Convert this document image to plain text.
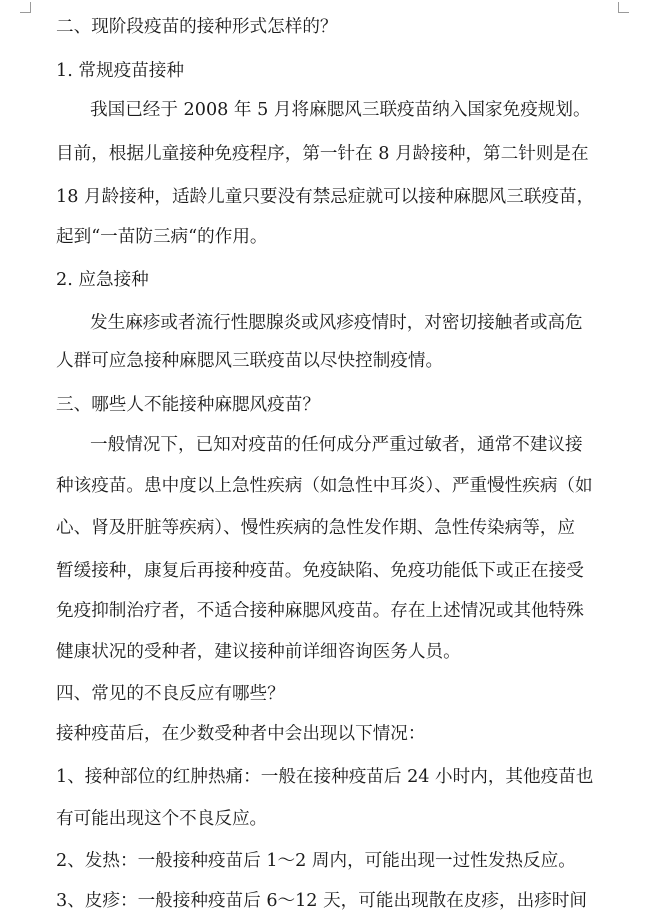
二、现阶段疫苗的接种形式怎样的？
1. 常规疫苗接种
我国已经于 2008 年 5 月将麻腮风三联疫苗纳入国家免疫规划。
目前，根据儿童接种免疫程序，第一针在 8 月龄接种，第二针则是在
18 月龄接种，适龄儿童只要没有禁忌症就可以接种麻腮风三联疫苗，
起到“一苗防三病“的作用。
2. 应急接种
发生麻疹或者流行性腮腺炎或风疹疫情时，对密切接触者或高危
人群可应急接种麻腮风三联疫苗以尽快控制疫情。
三、哪些人不能接种麻腮风疫苗？
一般情况下，已知对疫苗的任何成分严重过敏者，通常不建议接
种该疫苗。患中度以上急性疾病（如急性中耳炎）、严重慢性疾病（如
心、肾及肝脏等疾病）、慢性疾病的急性发作期、急性传染病等，应
暂缓接种，康复后再接种疫苗。免疫缺陷、免疫功能低下或正在接受
免疫抑制治疗者，不适合接种麻腮风疫苗。存在上述情况或其他特殊
健康状况的受种者，建议接种前详细咨询医务人员。
四、常见的不良反应有哪些？
接种疫苗后，在少数受种者中会出现以下情况：
1、接种部位的红肿热痛：一般在接种疫苗后 24 小时内，其他疫苗也
有可能出现这个不良反应。
2、发热：一般接种疫苗后 1～2 周内，可能出现一过性发热反应。
3、皮疹：一般接种疫苗后 6～12 天，可能出现散在皮疹，出疹时间
